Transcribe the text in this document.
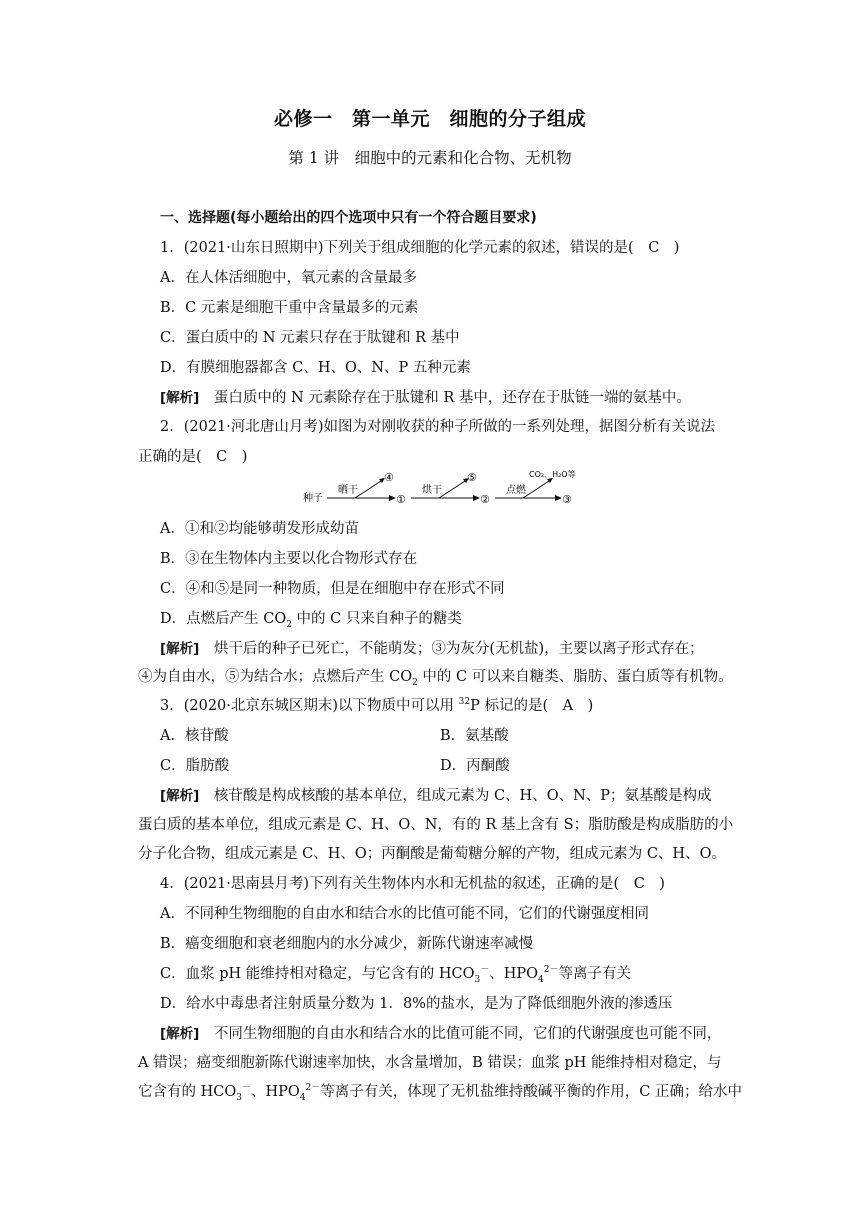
必修一　第一单元　细胞的分子组成
第 1 讲　细胞中的元素和化合物、无机物
一、选择题(每小题给出的四个选项中只有一个符合题目要求)
1．(2021·山东日照期中)下列关于组成细胞的化学元素的叙述，错误的是(　C　)
A．在人体活细胞中，氧元素的含量最多
B．C 元素是细胞干重中含量最多的元素
C．蛋白质中的 N 元素只存在于肽键和 R 基中
D．有膜细胞器都含 C、H、O、N、P 五种元素
[解析]　蛋白质中的 N 元素除存在于肽键和 R 基中，还存在于肽链一端的氨基中。
2．(2021·河北唐山月考)如图为对刚收获的种子所做的一系列处理，据图分析有关说法
正确的是(　C　)
种子
晒干
④
①
烘干
⑤
②
点燃
CO₂、H₂O等
③
A．①和②均能够萌发形成幼苗
B．③在生物体内主要以化合物形式存在
C．④和⑤是同一种物质，但是在细胞中存在形式不同
D．点燃后产生 $CO_2$ 中的 C 只来自种子的糖类
[解析]　烘干后的种子已死亡，不能萌发；③为灰分(无机盐)，主要以离子形式存在；
④为自由水，⑤为结合水；点燃后产生 $CO_2$ 中的 C 可以来自糖类、脂肪、蛋白质等有机物。
3．(2020·北京东城区期末)以下物质中可以用 $^{32}$P 标记的是(　A　)
A．核苷酸	B．氨基酸
C．脂肪酸	D．丙酮酸
[解析]　核苷酸是构成核酸的基本单位，组成元素为 C、H、O、N、P；氨基酸是构成
蛋白质的基本单位，组成元素是 C、H、O、N，有的 R 基上含有 S；脂肪酸是构成脂肪的小
分子化合物，组成元素是 C、H、O；丙酮酸是葡萄糖分解的产物，组成元素为 C、H、O。
4．(2021·思南县月考)下列有关生物体内水和无机盐的叙述，正确的是(　C　)
A．不同种生物细胞的自由水和结合水的比值可能不同，它们的代谢强度相同
B．癌变细胞和衰老细胞内的水分减少，新陈代谢速率减慢
C．血浆 pH 能维持相对稳定，与它含有的 $HCO_3^-$、$HPO_4^{2-}$等离子有关
D．给水中毒患者注射质量分数为 1．8%的盐水，是为了降低细胞外液的渗透压
[解析]　不同生物细胞的自由水和结合水的比值可能不同，它们的代谢强度也可能不同，
A 错误；癌变细胞新陈代谢速率加快，水含量增加，B 错误；血浆 pH 能维持相对稳定，与
它含有的 $HCO_3^-$、$HPO_4^{2-}$等离子有关，体现了无机盐维持酸碱平衡的作用，C 正确；给水中
